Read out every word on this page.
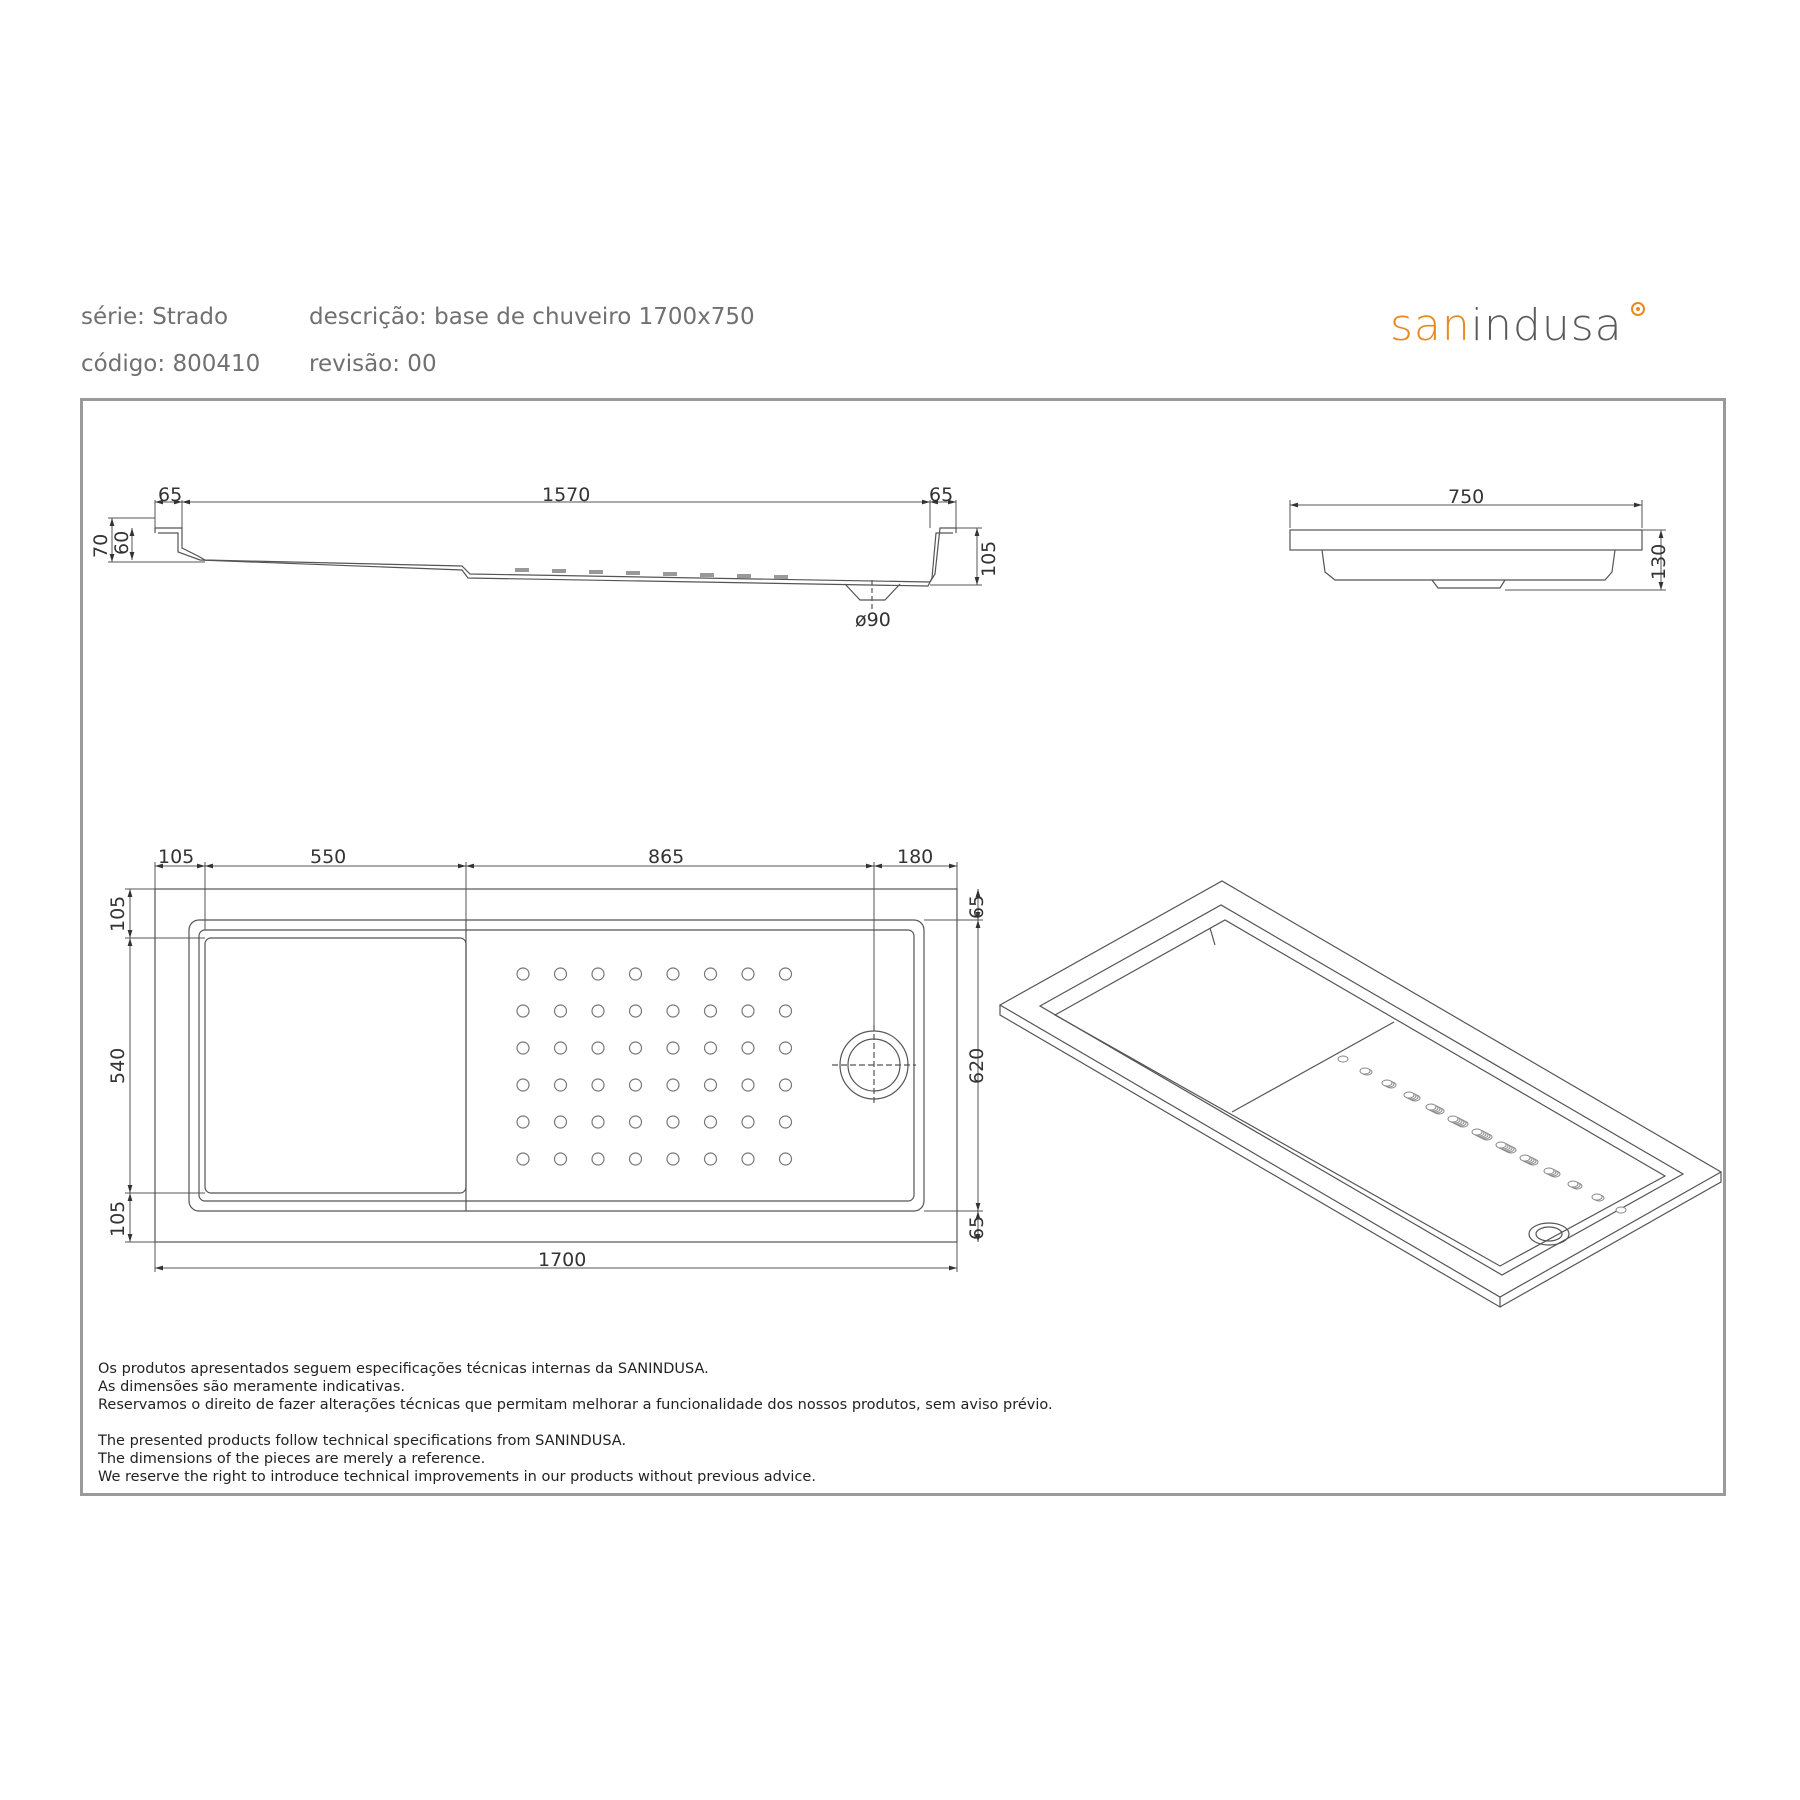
série: Strado	descrição: base de chuveiro 1700x750
código: 800410 revisão: 00
sanindusa
65	1570	65
70 60	105
ø90
750
130
105	550	865	180
105
540
105
65
620
65
1700

Os produtos apresentados seguem especificações técnicas internas da SANINDUSA.

As dimensões são meramente indicativas.

Reservamos o direito de fazer alterações técnicas que permitam melhorar a funcionalidade dos nossos produtos, sem aviso prévio.

The presented products follow technical specifications from SANINDUSA.

The dimensions of the pieces are merely a reference.

We reserve the right to introduce technical improvements in our products without previous advice.
